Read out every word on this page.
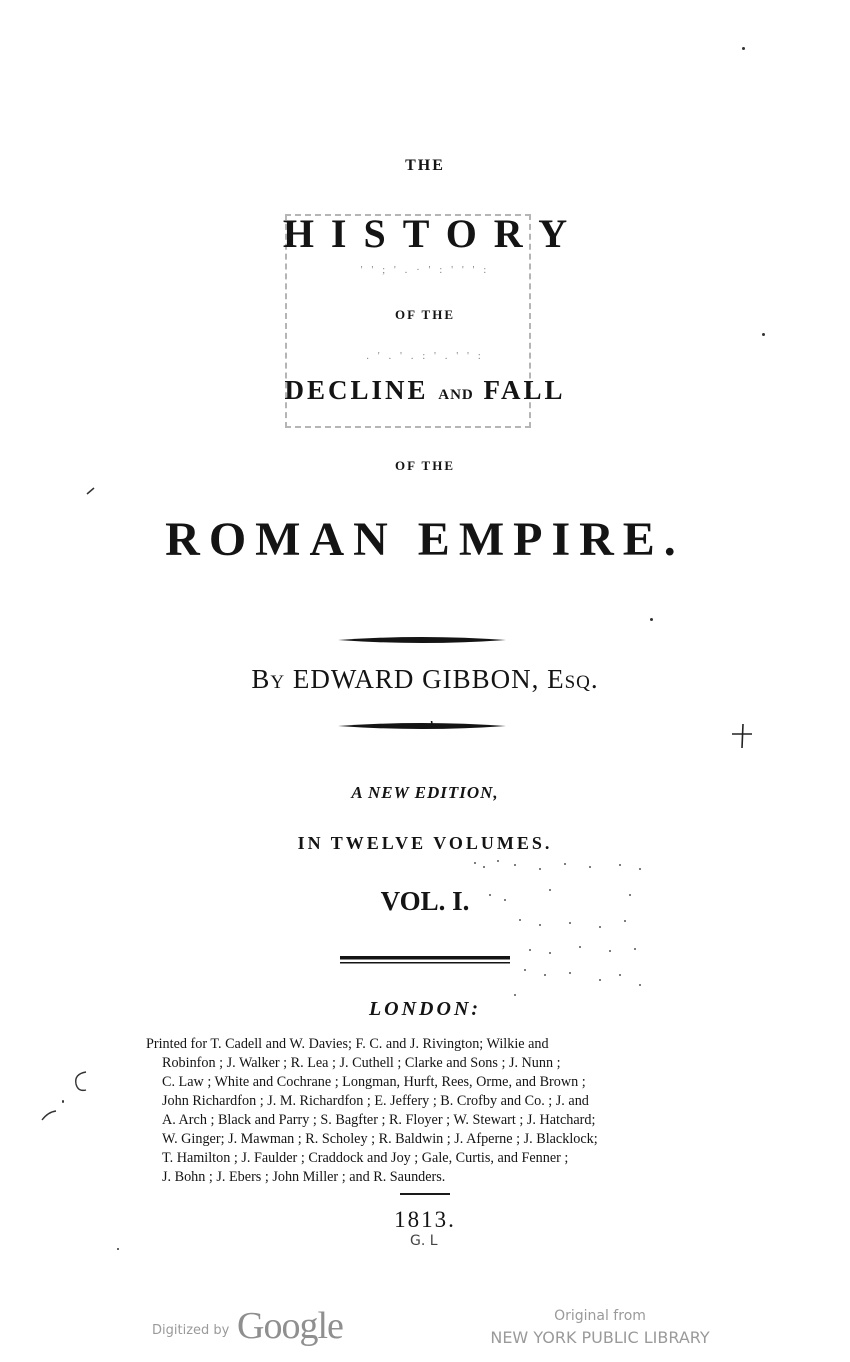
' ' ; ' . · ' : ' ' ' :
. ' . ' . : ' . ' ' :
THE
HISTORY
OF THE
DECLINE AND FALL
OF THE
ROMAN EMPIRE.
By EDWARD GIBBON, Esq.
A NEW EDITION,
IN TWELVE VOLUMES.
VOL. I.
LONDON:
Printed for T. Cadell and W. Davies; F. C. and J. Rivington; Wilkie and
Robinfon ; J. Walker ; R. Lea ; J. Cuthell ; Clarke and Sons ; J. Nunn ;
C. Law ; White and Cochrane ; Longman, Hurft, Rees, Orme, and Brown ;
John Richardfon ; J. M. Richardfon ; E. Jeffery ; B. Crofby and Co. ; J. and
A. Arch ; Black and Parry ; S. Bagfter ; R. Floyer ; W. Stewart ; J. Hatchard;
W. Ginger; J. Mawman ; R. Scholey ; R. Baldwin ; J. Afperne ; J. Blacklock;
T. Hamilton ; J. Faulder ; Craddock and Joy ; Gale, Curtis, and Fenner ;
J. Bohn ; J. Ebers ; John Miller ; and R. Saunders.
1813.
G. L
Digitized by Google	Original from
NEW YORK PUBLIC LIBRARY
